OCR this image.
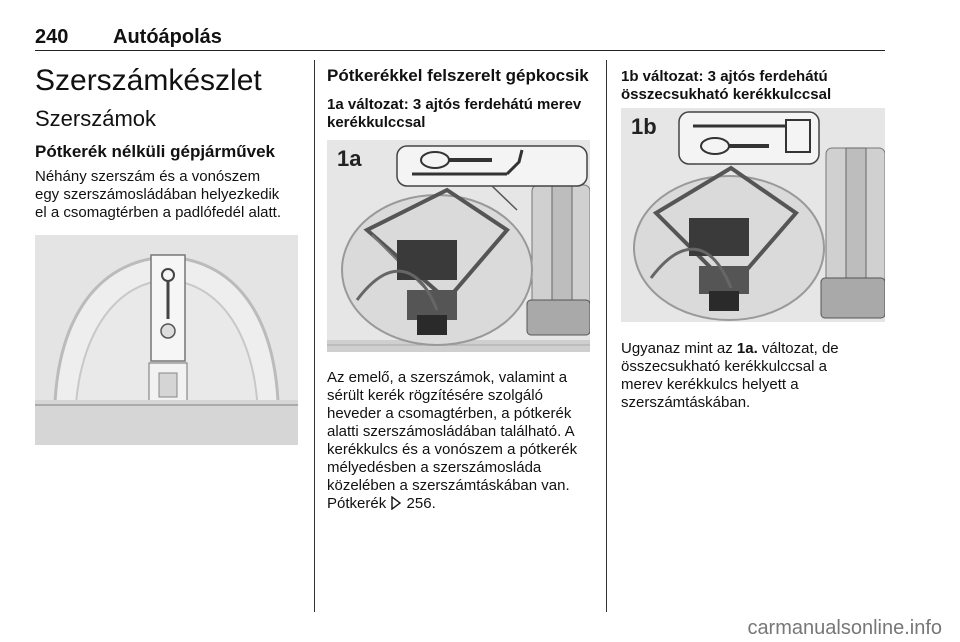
240 Autóápolás
Szerszámkészlet
Szerszámok
Pótkerék nélküli gépjárművek
Néhány szerszám és a vonószem
egy szerszámosládában helyezkedik
el a csomagtérben a padlófedél alatt.
Pótkerékkel felszerelt gépkocsik
1a változat: 3 ajtós ferdehátú merev
kerékkulccsal
1a
Az emelő, a szerszámok, valamint a
sérült kerék rögzítésére szolgáló
heveder a csomagtérben, a pótkerék
alatti szerszámosládában található. A
kerékkulcs és a vonószem a pótkerék
mélyedésben a szerszámosláda
közelében a szerszámtáskában van.
Pótkerék 256.
1b változat: 3 ajtós ferdehátú
összecsukható kerékkulccsal
1b
Ugyanaz mint az 1a. változat, de
összecsukható kerékkulccsal a
merev kerékkulcs helyett a
szerszámtáskában.
carmanualsonline.info
